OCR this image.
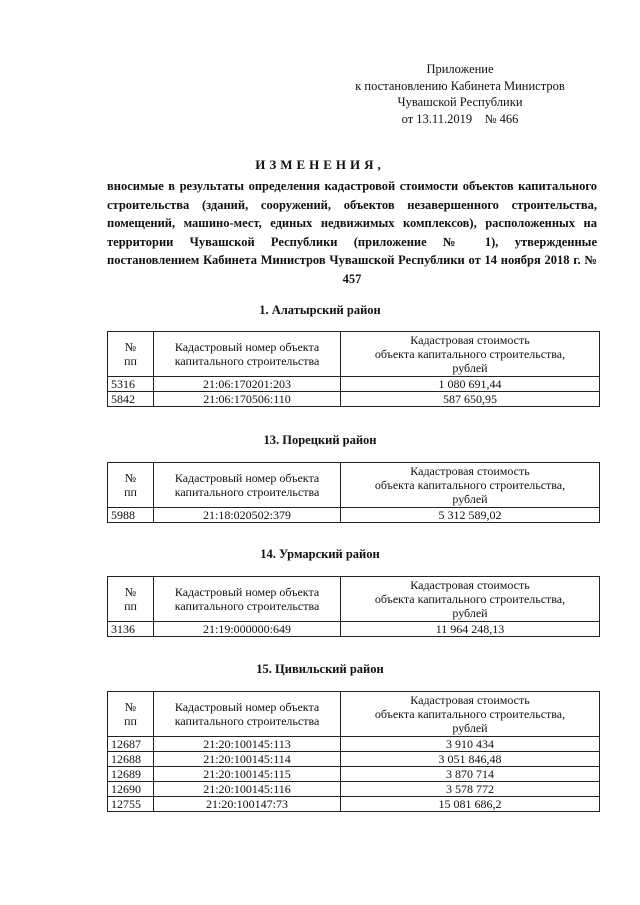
Приложение
к постановлению Кабинета Министров
Чувашской Республики
от 13.11.2019    № 466
ИЗМЕНЕНИЯ,
вносимые в результаты определения кадастровой стоимости объектов капитального строительства (зданий, сооружений, объектов незавершенного строительства, помещений, машино-мест, единых недвижимых комплексов), расположенных на территории Чувашской Республики (приложение № 1), утвержденные постановлением Кабинета Министров Чувашской Республики от 14 ноября 2018 г. № 457
1. Алатырский район
№
пп	Кадастровый номер объекта капитального строительства	Кадастровая стоимость
объекта капитального строительства,
рублей
5316	21:06:170201:203	1 080 691,44
5842	21:06:170506:110	587 650,95
13. Порецкий район
№
пп	Кадастровый номер объекта капитального строительства	Кадастровая стоимость
объекта капитального строительства,
рублей
5988	21:18:020502:379	5 312 589,02
14. Урмарский район
№
пп	Кадастровый номер объекта капитального строительства	Кадастровая стоимость
объекта капитального строительства,
рублей
3136	21:19:000000:649	11 964 248,13
15. Цивильский район
№
пп	Кадастровый номер объекта капитального строительства	Кадастровая стоимость
объекта капитального строительства,
рублей
12687	21:20:100145:113	3 910 434
12688	21:20:100145:114	3 051 846,48
12689	21:20:100145:115	3 870 714
12690	21:20:100145:116	3 578 772
12755	21:20:100147:73	15 081 686,2
